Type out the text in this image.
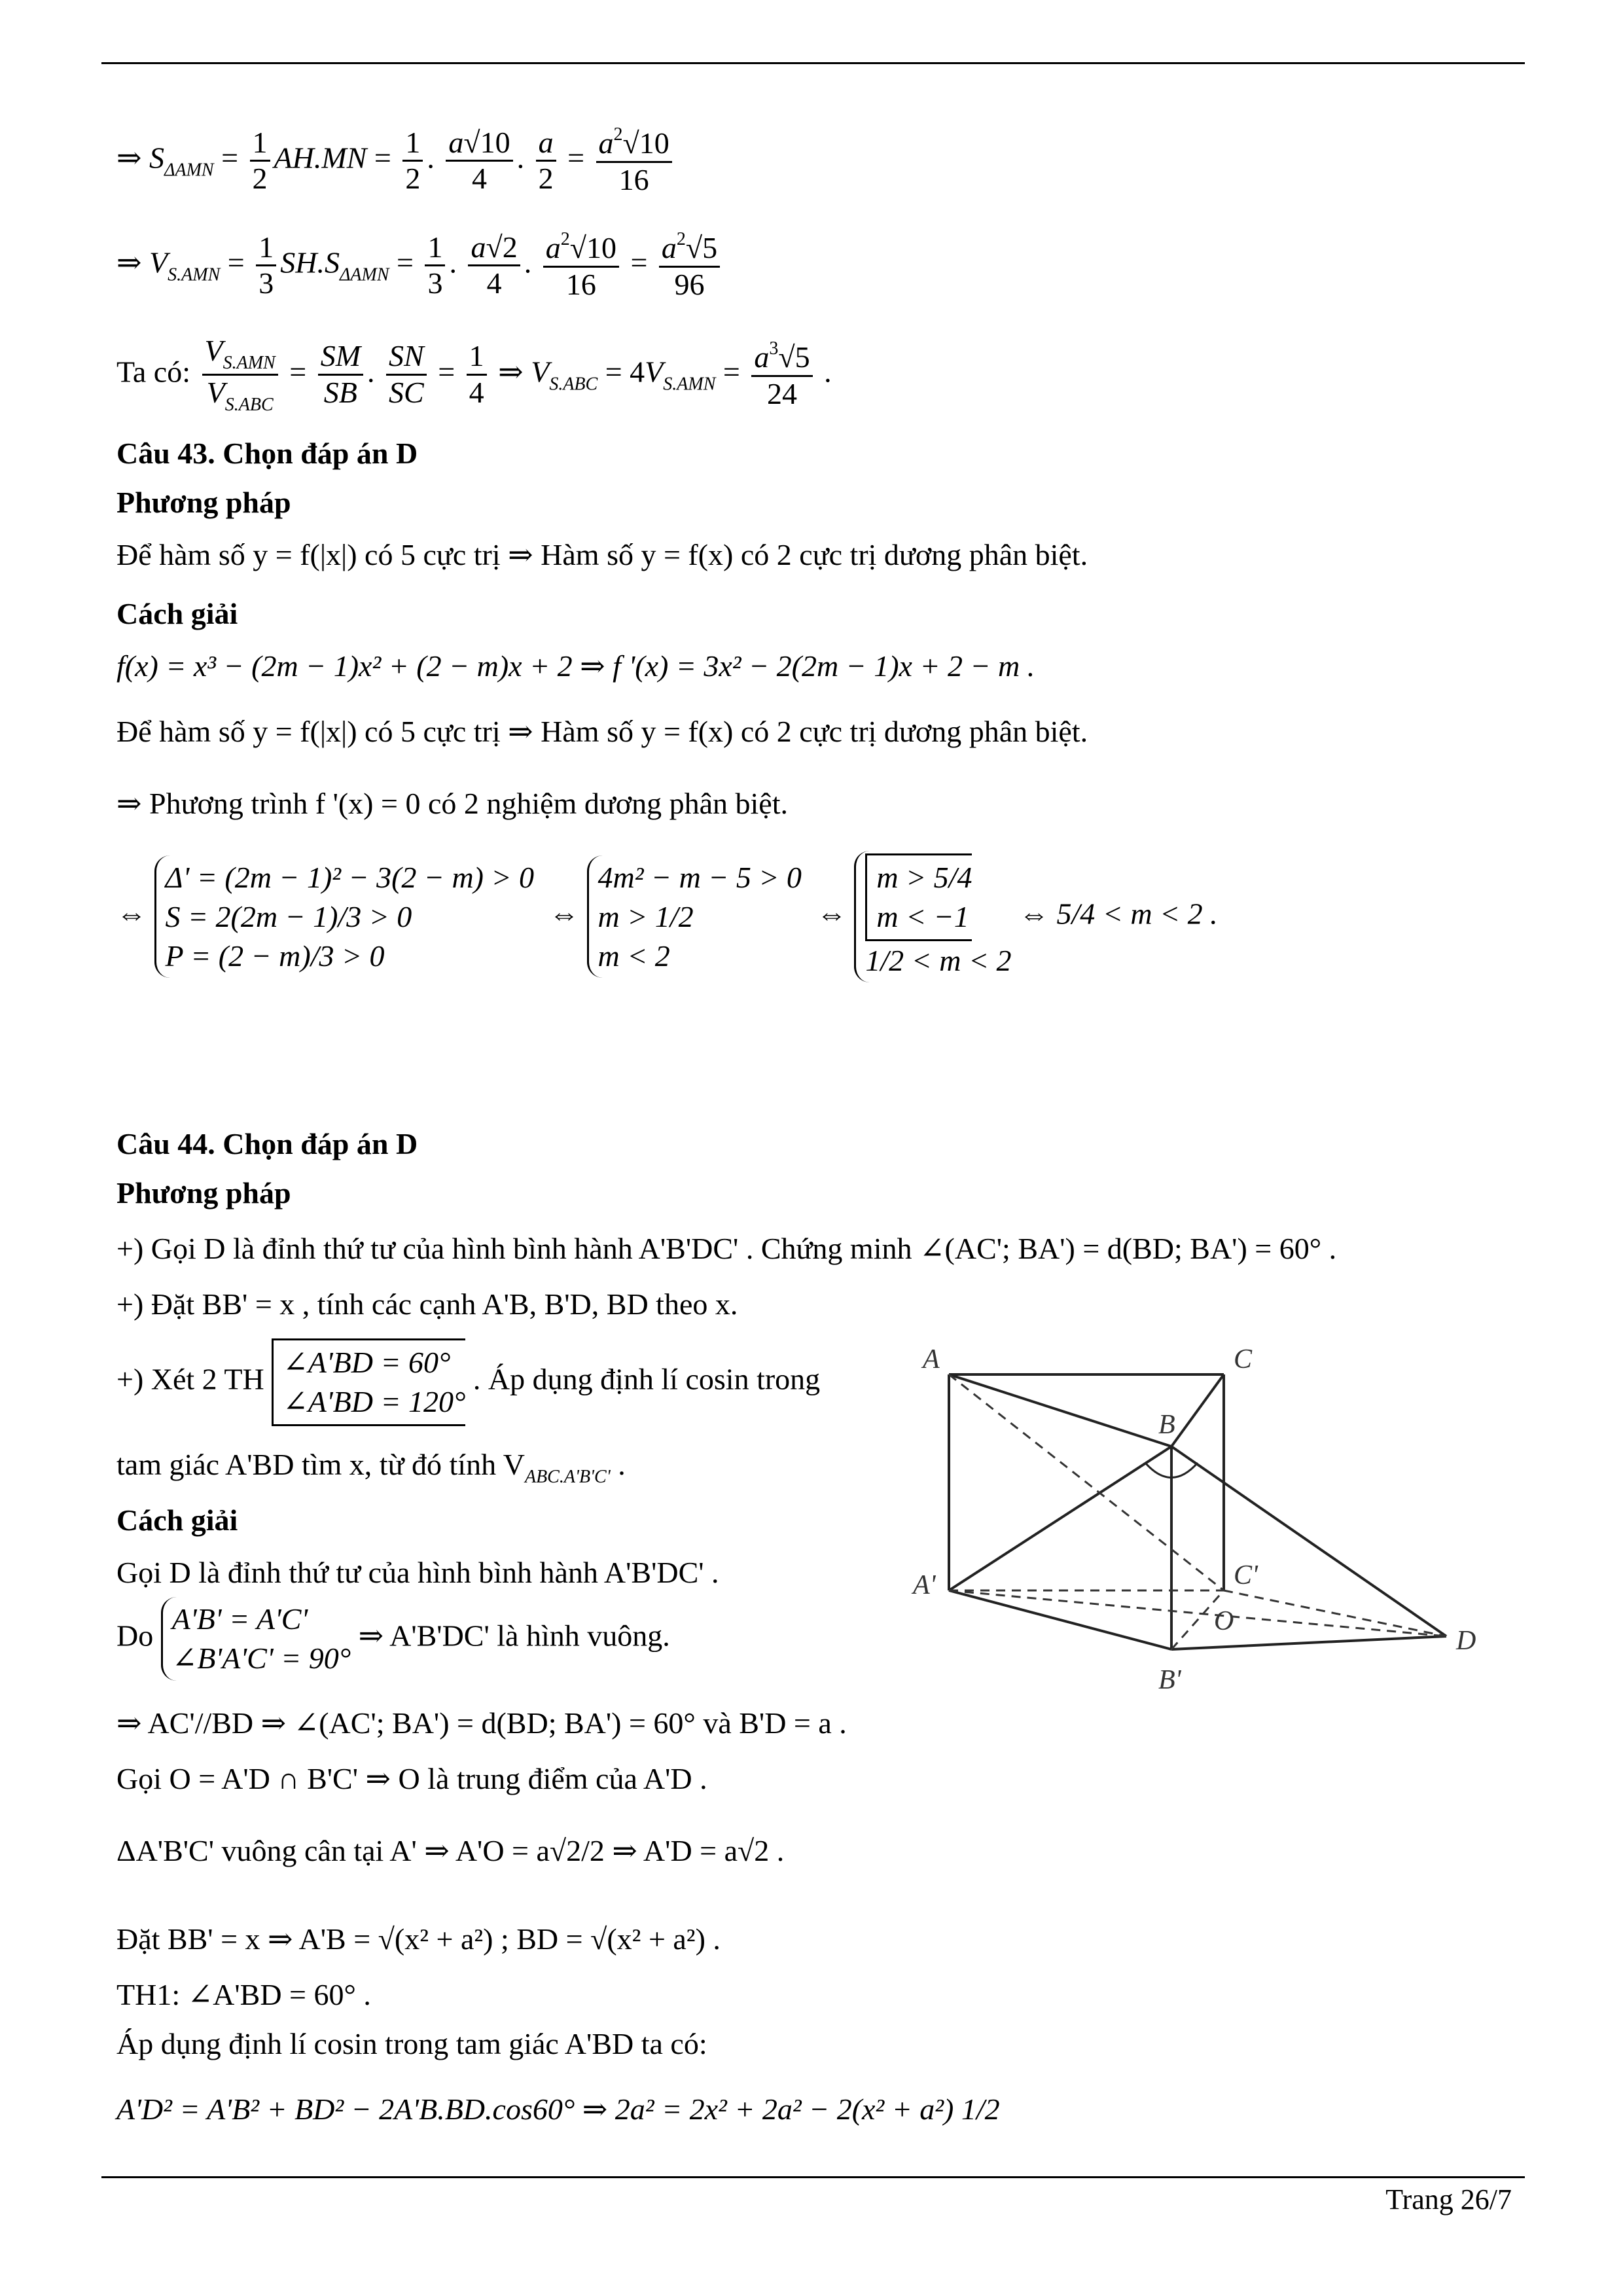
⇒ $S_{\Delta AMN} = \frac{1}{2} AH.MN = \frac{1}{2}$ . $\frac{a√10}{4}$ . $\frac{a}{2} = \frac{a^2√10}{16}$
⇒ $V_{S.AMN} = \frac{1}{3} SH.S_{\Delta AMN} = \frac{1}{3}$ . $\frac{a√2}{4}$ . $\frac{a^2√10}{16} = \frac{a^2√5}{96}$
Ta có: $\frac{V_{S.AMN}}{V_{S.ABC}} = \frac{SM}{SB}$ . $\frac{SN}{SC} = \frac{1}{4}$ ⇒ $V_{S.ABC} = 4V_{S.AMN} = \frac{a^3√5}{24}$ .
Câu 43. Chọn đáp án D
Phương pháp
Để hàm số y = f(|x|) có 5 cực trị ⇒ Hàm số y = f(x) có 2 cực trị dương phân biệt.
Cách giải
f(x) = x³ − (2m − 1)x² + (2 − m)x + 2 ⇒ f '(x) = 3x² − 2(2m − 1)x + 2 − m .
Để hàm số y = f(|x|) có 5 cực trị ⇒ Hàm số y = f(x) có 2 cực trị dương phân biệt.
⇒ Phương trình f '(x) = 0 có 2 nghiệm dương phân biệt.
⇔
Δ' = (2m − 1)² − 3(2 − m) > 0
S = 2(2m − 1)/3 > 0
P = (2 − m)/3 > 0
⇔
4m² − m − 5 > 0
m > 1/2
m < 2
⇔ m > 5/4
m < −1
1/2 < m < 2 ⇔ 5/4 < m < 2 .
Câu 44. Chọn đáp án D
Phương pháp
+) Gọi D là đỉnh thứ tư của hình bình hành A'B'DC' . Chứng minh ∠(AC'; BA') = d(BD; BA') = 60° .
+) Đặt BB' = x , tính các cạnh A'B, B'D, BD theo x.
+) Xét 2 TH ∠A'BD = 60°
∠A'BD = 120°
. Áp dụng định lí cosin trong
tam giác A'BD tìm x, từ đó tính $V_{ABC.A'B'C'}$ .
Cách giải
Gọi D là đỉnh thứ tư của hình bình hành A'B'DC' .
Do A'B' = A'C'
∠B'A'C' = 90°
⇒ A'B'DC' là hình vuông.
⇒ AC'//BD ⇒ ∠(AC'; BA') = d(BD; BA') = 60° và B'D = a .
Gọi O = A'D ∩ B'C' ⇒ O là trung điểm của A'D .
ΔA'B'C' vuông cân tại A' ⇒ A'O = a√2/2 ⇒ A'D = a√2 .
Đặt BB' = x ⇒ A'B = √(x² + a²) ; BD = √(x² + a²) .
TH1: ∠A'BD = 60° .
Áp dụng định lí cosin trong tam giác A'BD ta có:
A'D² = A'B² + BD² − 2A'B.BD.cos60° ⇒ 2a² = 2x² + 2a² − 2(x² + a²) 1/2
A	C
B
A'	C'
O
B'
D
Trang 26/7
